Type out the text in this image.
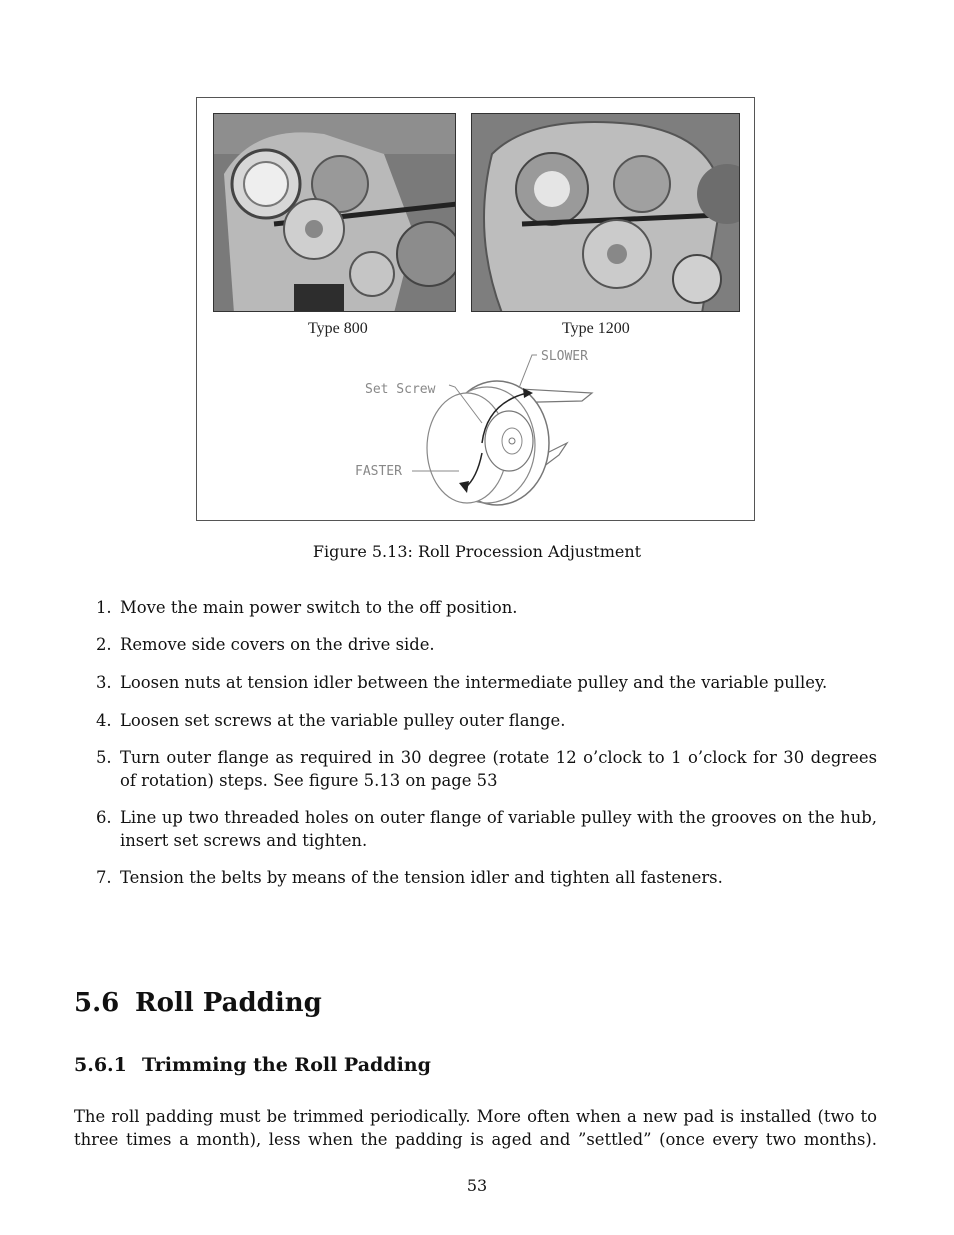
Type 800	Type 1200
SLOWER
Set Screw
FASTER
Figure 5.13: Roll Procession Adjustment
1. Move the main power switch to the off position.
2. Remove side covers on the drive side.
3. Loosen nuts at tension idler between the intermediate pulley and the variable pulley.
4. Loosen set screws at the variable pulley outer flange.
5. Turn outer flange as required in 30 degree (rotate 12 o’clock to 1 o’clock for 30 degrees of rotation) steps. See figure 5.13 on page 53
6. Line up two threaded holes on outer flange of variable pulley with the grooves on the hub, insert set screws and tighten.
7. Tension the belts by means of the tension idler and tighten all fasteners.
5.6 Roll Padding
5.6.1 Trimming the Roll Padding

The roll padding must be trimmed periodically. More often when a new pad is installed (two to three times a month), less when the padding is aged and ”settled” (once every two months).

53
